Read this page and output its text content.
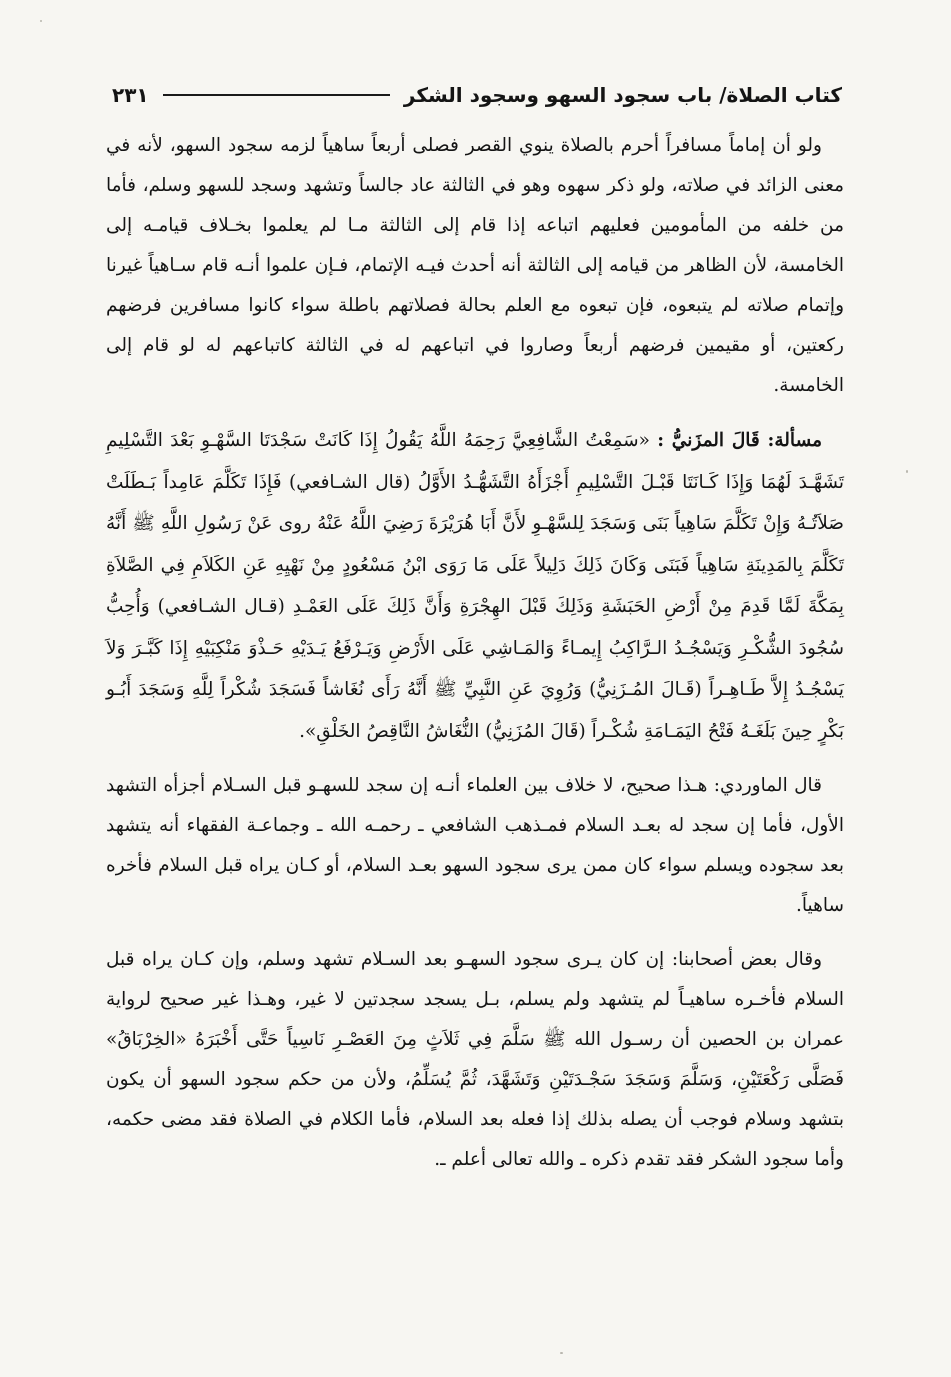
كتاب الصلاة/ باب سجود السهو وسجود الشكر
٢٣١

ولو أن إماماً مسافراً أحرم بالصلاة ينوي القصر فصلى أربعاً ساهياً لزمه سجود السهو، لأنه في معنى الزائد في صلاته، ولو ذكر سهوه وهو في الثالثة عاد جالساً وتشهد وسجد للسهو وسلم، فأما من خلفه من المأمومين فعليهم اتباعه إذا قام إلى الثالثة مـا لم يعلموا بخـلاف قيامـه إلى الخامسة، لأن الظاهر من قيامه إلى الثالثة أنه أحدث فيـه الإتمام، فـإن علموا أنـه قام سـاهياً غيرنا وإتمام صلاته لم يتبعوه، فإن تبعوه مع العلم بحالة فصلاتهم باطلة سواء كانوا مسافرين فرضهم ركعتين، أو مقيمين فرضهم أربعاً وصاروا في اتباعهم له في الثالثة كاتباعهم له لو قام إلى الخامسة.

مسألة: قَالَ المزَنيُّ : «سَمِعْتُ الشَّافِعِيَّ رَحِمَهُ اللَّهُ يَقُولُ إِذَا كَانَتْ سَجْدَتَا السَّهْـوِ بَعْدَ التَّسْلِيمِ تَشَهَّـدَ لَهُمَا وَإِذَا كَـانَتَا قَبْـلَ التَّسْلِيمِ أَجْزَأَهُ التَّشَهُّـدُ الأَوَّلُ (قال الشـافعي) فَإِذَا تَكَلَّمَ عَامِداً بَـطَلَتْ صَلاَتُـهُ وَإِنْ تَكَلَّمَ سَاهِياً بَنَى وَسَجَدَ لِلسَّهْـوِ لأَنَّ أَبَا هُرَيْرَةَ رَضِيَ اللَّهُ عَنْهُ روى عَنْ رَسُولِ اللَّهِ ﷺ أَنَّهُ تَكَلَّمَ بِالمَدِينَةِ سَاهِياً فَبَنَى وَكَانَ ذَلِكَ دَلِيلاً عَلَى مَا رَوَى ابْنُ مَسْعُودٍ مِنْ نَهْيِهِ عَنِ الكَلاَمِ فِي الصَّلاَةِ بِمَكَّةَ لَمَّا قَدِمَ مِنْ أَرْضِ الحَبَشَةِ وَذَلِكَ قَبْلَ الهِجْرَةِ وَأَنَّ ذَلِكَ عَلَى العَمْـدِ (قـال الشـافعي) وَأُحِبُّ سُجُودَ الشُّكْـرِ وَيَسْجُـدُ الـرَّاكِبُ إِيمـاءً وَالمَـاشِي عَلَى الأَرْضِ وَيَـرْفَعُ يَـدَيْهِ حَـذْوَ مَنْكِبَيْهِ إِذَا كَبَّـرَ وَلاَ يَسْجُـدُ إِلاَّ طَـاهِـراً (قَـالَ المُـزَنِيُّ) وَرُوِيَ عَنِ النَّبِيِّ ﷺ أَنَّهُ رَأَى نُغَاشاً فَسَجَدَ شُكْراً لِلَّهِ وَسَجَدَ أَبُـو بَكْرٍ حِينَ بَلَغَـهُ فَتْحُ اليَمَـامَةِ شُكْـراً (قَالَ المُزَنِيُّ) النُّغَاشُ النَّاقِصُ الخَلْقِ».

قال الماوردي: هـذا صحيح، لا خلاف بين العلماء أنـه إن سجد للسهـو قبل السـلام أجزأه التشهد الأول، فأما إن سجد له بعـد السلام فمـذهب الشافعي ـ رحمـه الله ـ وجماعـة الفقهاء أنه يتشهد بعد سجوده ويسلم سواء كان ممن يرى سجود السهو بعـد السلام، أو كـان يراه قبل السلام فأخره ساهياً.

وقال بعض أصحابنا: إن كان يـرى سجود السهـو بعد السـلام تشهد وسلم، وإن كـان يراه قبل السلام فأخـره ساهيـاً لم يتشهد ولم يسلم، بـل يسجد سجدتين لا غير، وهـذا غير صحيح لرواية عمران بن الحصين أن رسـول الله ﷺ سَلَّمَ فِي ثَلاَثٍ مِنَ العَصْـرِ نَاسِياً حَتَّى أَخْبَرَهُ «الخِرْبَاقُ» فَصَلَّى رَكْعَتَيْنِ، وَسَلَّمَ وَسَجَدَ سَجْـدَتَيْنِ وَتَشَهَّدَ، ثُمَّ يُسَلِّمُ، ولأن من حكم سجود السهو أن يكون بتشهد وسلام فوجب أن يصله بذلك إذا فعله بعد السلام، فأما الكلام في الصلاة فقد مضى حكمه، وأما سجود الشكر فقد تقدم ذكره ـ والله تعالى أعلم ـ.
